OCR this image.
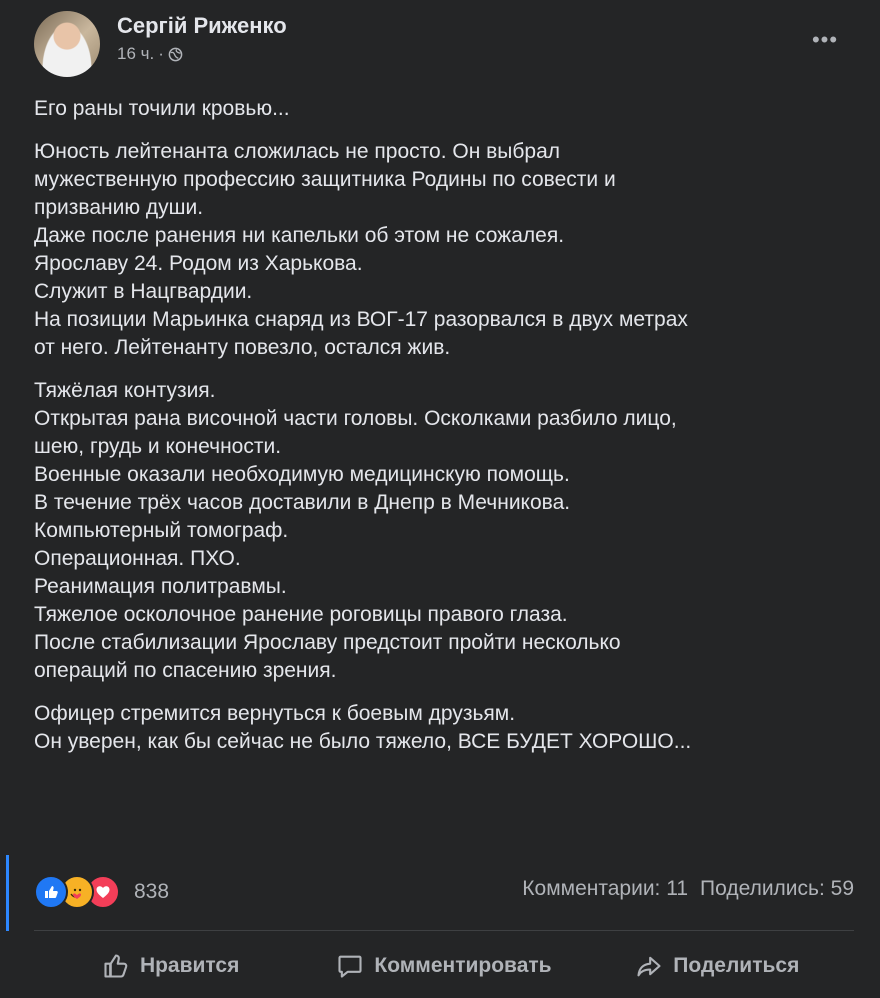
Сергій Риженко
16 ч. ·
•••
Его раны точили кровью...
Юность лейтенанта сложилась не просто. Он выбрал
мужественную профессию защитника Родины по совести и
призванию души.
Даже после ранения ни капельки об этом не сожалея.
Ярославу 24. Родом из Харькова.
Служит в Нацгвардии.
На позиции Марьинка снаряд из ВОГ-17 разорвался в двух метрах
от него. Лейтенанту повезло, остался жив.
Тяжёлая контузия.
Открытая рана височной части головы. Осколками разбило лицо,
шею, грудь и конечности.
Военные оказали необходимую медицинскую помощь.
В течение трёх часов доставили в Днепр в Мечникова.
Компьютерный томограф.
Операционная. ПХО.
Реанимация политравмы.
Тяжелое осколочное ранение роговицы правого глаза.
После стабилизации Ярославу предстоит пройти несколько
операций по спасению зрения.
Офицер стремится вернуться к боевым друзьям.
Он уверен, как бы сейчас не было тяжело, ВСЕ БУДЕТ ХОРОШО...
838	Комментарии: 11 Поделились: 59
Нравится	Комментировать	Поделиться
